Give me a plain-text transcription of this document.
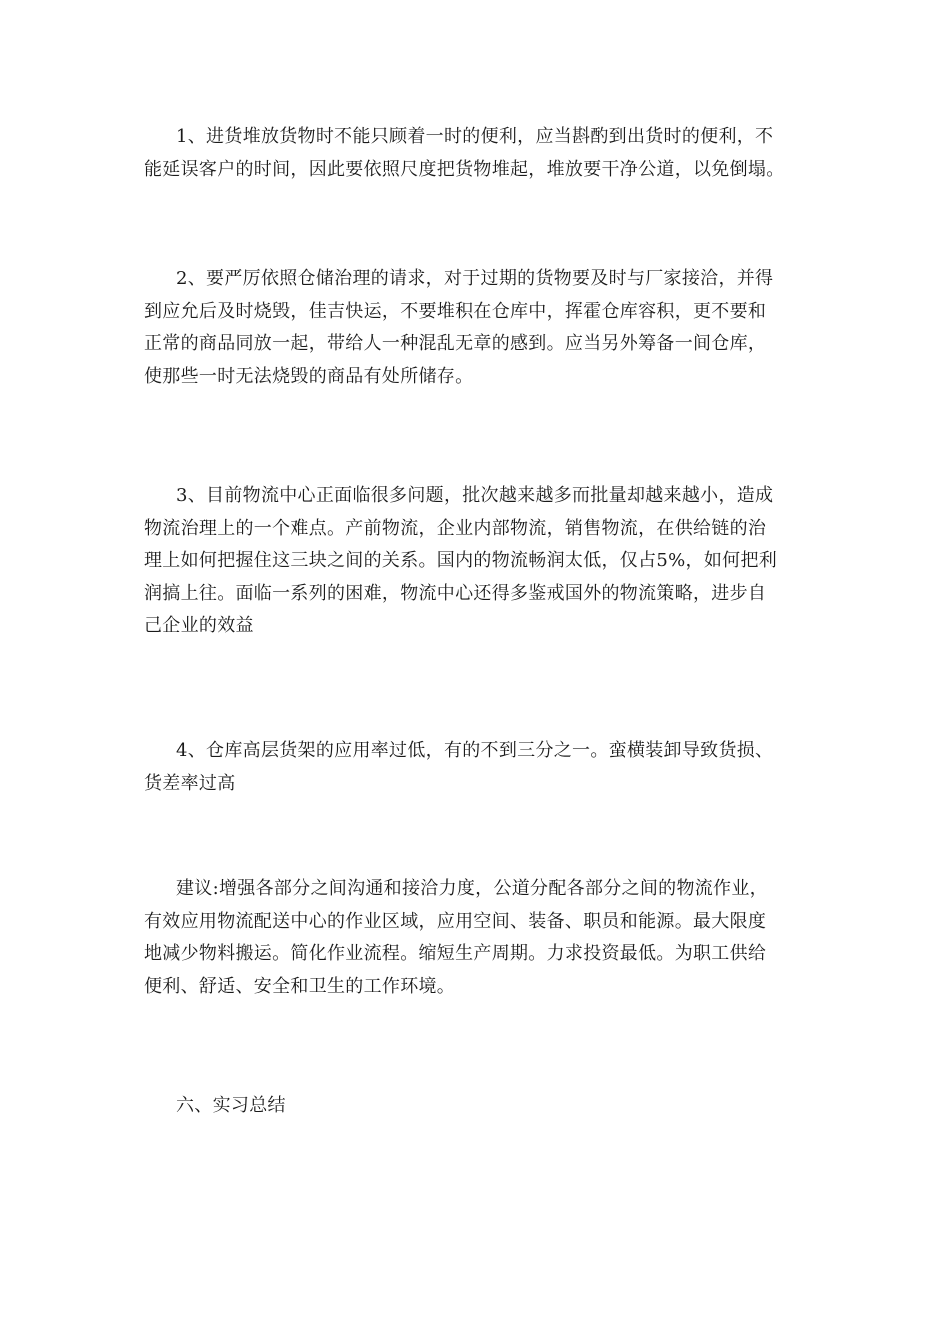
1、进货堆放货物时不能只顾着一时的便利，应当斟酌到出货时的便利，不
能延误客户的时间，因此要依照尺度把货物堆起，堆放要干净公道，以免倒塌。
2、要严厉依照仓储治理的请求，对于过期的货物要及时与厂家接洽，并得
到应允后及时烧毁，佳吉快运，不要堆积在仓库中，挥霍仓库容积，更不要和
正常的商品同放一起，带给人一种混乱无章的感到。应当另外筹备一间仓库，
使那些一时无法烧毁的商品有处所储存。
3、目前物流中心正面临很多问题，批次越来越多而批量却越来越小，造成
物流治理上的一个难点。产前物流，企业内部物流，销售物流，在供给链的治
理上如何把握住这三块之间的关系。国内的物流畅润太低，仅占5%，如何把利
润搞上往。面临一系列的困难，物流中心还得多鉴戒国外的物流策略，进步自
己企业的效益
4、仓库高层货架的应用率过低，有的不到三分之一。蛮横装卸导致货损、
货差率过高
建议:增强各部分之间沟通和接洽力度，公道分配各部分之间的物流作业，
有效应用物流配送中心的作业区域，应用空间、装备、职员和能源。最大限度
地减少物料搬运。简化作业流程。缩短生产周期。力求投资最低。为职工供给
便利、舒适、安全和卫生的工作环境。
六、实习总结
